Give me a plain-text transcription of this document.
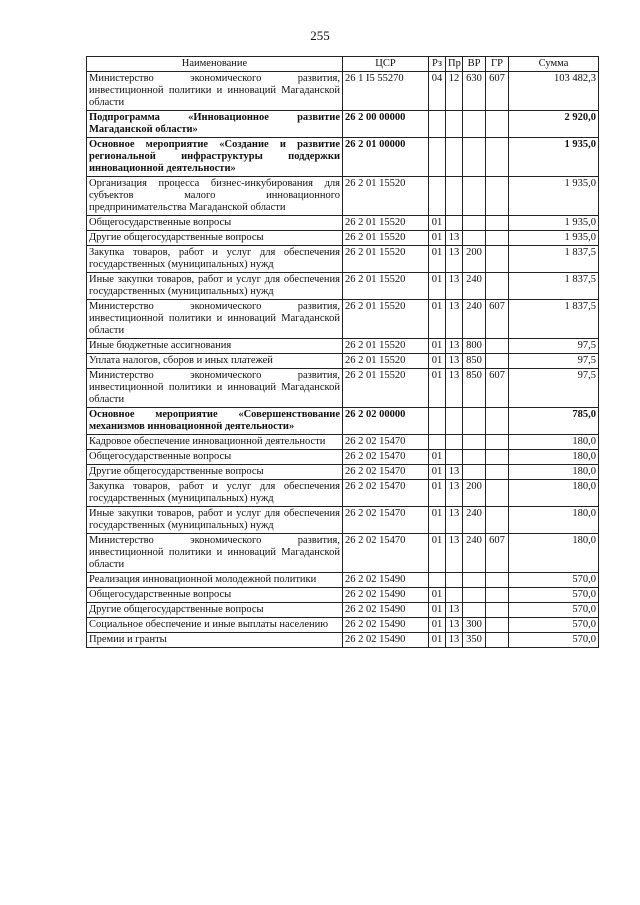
255
Наименование	ЦСР	Рз	Пр	ВР	ГР	Сумма
Министерство экономического развития, инвестиционной политики и инноваций Магаданской области	26 1 I5 55270	04	12	630	607	103 482,3
Подпрограмма «Инновационное развитие Магаданской области»	26 2 00 00000					2 920,0
Основное мероприятие «Создание и развитие региональной инфраструктуры поддержки инновационной деятельности»	26 2 01 00000					1 935,0
Организация процесса бизнес-инкубирования для субъектов малого инновационного предпринимательства Магаданской области	26 2 01 15520					1 935,0
Общегосударственные вопросы	26 2 01 15520	01				1 935,0
Другие общегосударственные вопросы	26 2 01 15520	01	13			1 935,0
Закупка товаров, работ и услуг для обеспечения государственных (муниципальных) нужд	26 2 01 15520	01	13	200		1 837,5
Иные закупки товаров, работ и услуг для обеспечения государственных (муниципальных) нужд	26 2 01 15520	01	13	240		1 837,5
Министерство экономического развития, инвестиционной политики и инноваций Магаданской области	26 2 01 15520	01	13	240	607	1 837,5
Иные бюджетные ассигнования	26 2 01 15520	01	13	800		97,5
Уплата налогов, сборов и иных платежей	26 2 01 15520	01	13	850		97,5
Министерство экономического развития, инвестиционной политики и инноваций Магаданской области	26 2 01 15520	01	13	850	607	97,5
Основное мероприятие «Совершенствование механизмов инновационной деятельности»	26 2 02 00000					785,0
Кадровое обеспечение инновационной деятельности	26 2 02 15470					180,0
Общегосударственные вопросы	26 2 02 15470	01				180,0
Другие общегосударственные вопросы	26 2 02 15470	01	13			180,0
Закупка товаров, работ и услуг для обеспечения государственных (муниципальных) нужд	26 2 02 15470	01	13	200		180,0
Иные закупки товаров, работ и услуг для обеспечения государственных (муниципальных) нужд	26 2 02 15470	01	13	240		180,0
Министерство экономического развития, инвестиционной политики и инноваций Магаданской области	26 2 02 15470	01	13	240	607	180,0
Реализация инновационной молодежной политики	26 2 02 15490					570,0
Общегосударственные вопросы	26 2 02 15490	01				570,0
Другие общегосударственные вопросы	26 2 02 15490	01	13			570,0
Социальное обеспечение и иные выплаты населению	26 2 02 15490	01	13	300		570,0
Премии и гранты	26 2 02 15490	01	13	350		570,0
